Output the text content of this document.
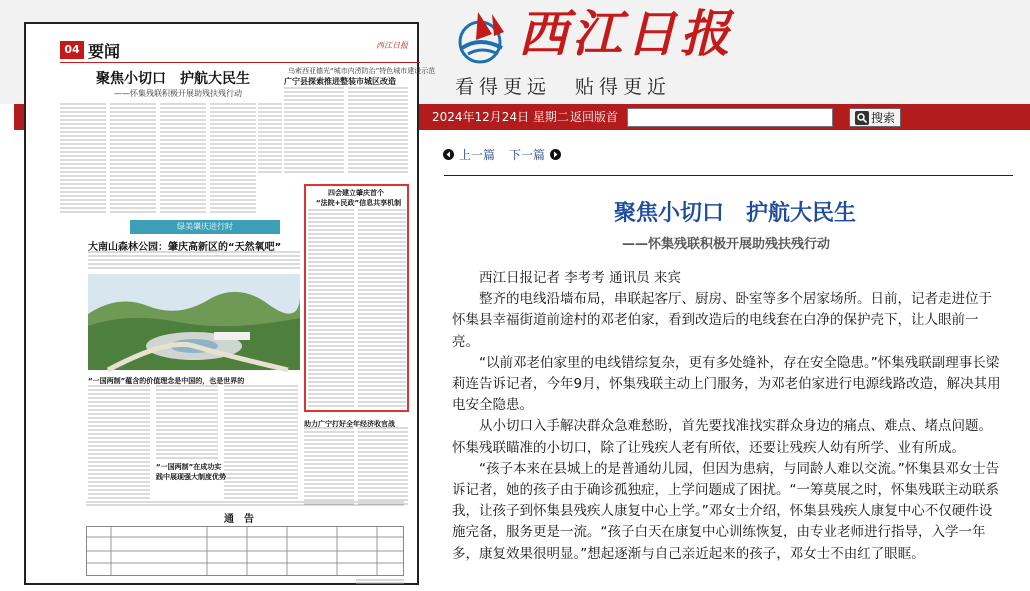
04 要闻	西江日报
聚焦小切口　护航大民生
——怀集残联积极开展助残扶残行动
乌索西亚德光“城市内涝防治”特色城市建设示范
广宁县探索推进整装市城区改造
四会建立肇庆首个
“法院+民政”信息共享机制
绿美肇庆进行时
大南山森林公园：肇庆高新区的“天然氧吧”
“一国两制”蕴含的价值理念是中国的，也是世界的
“一国两制”在成功实践中展现强大制度优势
助力广宁打好全年经济收官战
通　告
西江日报
看得更远　贴得更近
2024年12月24日 星期二 返回版首	搜索
上一篇 下一篇
聚焦小切口　护航大民生
——怀集残联积极开展助残扶残行动

西江日报记者 李考考 通讯员 来宾

整齐的电线沿墙布局，串联起客厅、厨房、卧室等多个居家场所。日前，记者走进位于怀集县幸福街道前途村的邓老伯家，看到改造后的电线套在白净的保护壳下，让人眼前一亮。

“以前邓老伯家里的电线错综复杂，更有多处缝补，存在安全隐患。”怀集残联副理事长梁莉连告诉记者，今年9月，怀集残联主动上门服务，为邓老伯家进行电源线路改造，解决其用电安全隐患。

从小切口入手解决群众急难愁盼，首先要找准找实群众身边的痛点、难点、堵点问题。怀集残联瞄准的小切口，除了让残疾人老有所依，还要让残疾人幼有所学、业有所成。

“孩子本来在县城上的是普通幼儿园，但因为患病，与同龄人难以交流。”怀集县邓女士告诉记者，她的孩子由于确诊孤独症，上学问题成了困扰。“一筹莫展之时，怀集残联主动联系我，让孩子到怀集县残疾人康复中心上学。”邓女士介绍，怀集县残疾人康复中心不仅硬件设施完备，服务更是一流。“孩子白天在康复中心训练恢复，由专业老师进行指导，入学一年多，康复效果很明显。”想起逐渐与自己亲近起来的孩子，邓女士不由红了眼眶。
